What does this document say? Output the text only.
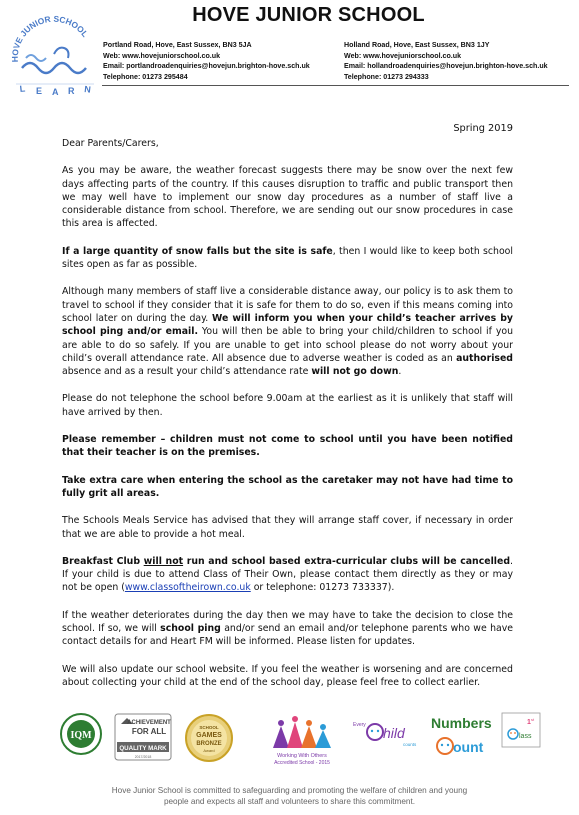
HOVE JUNIOR SCHOOL
L E A R N
HOVE JUNIOR SCHOOL
Portland Road, Hove, East Sussex, BN3 5JA
Web: www.hovejuniorschool.co.uk
Email: portlandroadenquiries@hovejun.brighton-hove.sch.uk
Telephone: 01273 295484
Holland Road, Hove, East Sussex, BN3 1JY
Web: www.hovejuniorschool.co.uk
Email: hollandroadenquiries@hovejun.brighton-hove.sch.uk
Telephone: 01273 294333
Spring 2019

Dear Parents/Carers,

As you may be aware, the weather forecast suggests there may be snow over the next few days affecting parts of the country. If this causes disruption to traffic and public transport then we may well have to implement our snow day procedures as a number of staff live a considerable distance from school. Therefore, we are sending out our snow procedures in case this area is affected.

If a large quantity of snow falls but the site is safe, then I would like to keep both school sites open as far as possible.

Although many members of staff live a considerable distance away, our policy is to ask them to travel to school if they consider that it is safe for them to do so, even if this means coming into school later on during the day. We will inform you when your child’s teacher arrives by school ping and/or email. You will then be able to bring your child/children to school if you are able to do so safely. If you are unable to get into school please do not worry about your child’s overall attendance rate. All absence due to adverse weather is coded as an authorised absence and as a result your child’s attendance rate will not go down.

Please do not telephone the school before 9.00am at the earliest as it is unlikely that staff will have arrived by then.

Please remember – children must not come to school until you have been notified that their teacher is on the premises.

Take extra care when entering the school as the caretaker may not have had time to fully grit all areas.

The Schools Meals Service has advised that they will arrange staff cover, if necessary in order that we are able to provide a hot meal.

Breakfast Club will not run and school based extra-curricular clubs will be cancelled. If your child is due to attend Class of Their Own, please contact them directly as they or may not be open (www.classoftheirown.co.uk or telephone: 01273 733337).

If the weather deteriorates during the day then we may have to take the decision to close the school. If so, we will school ping and/or send an email and/or telephone parents who we have contact details for and Heart FM will be informed. Please listen for updates.

We will also update our school website. If you feel the weather is worsening and are concerned about collecting your child at the end of the school day, please feel free to collect earlier.

IQM
ACHIEVEMENT
FOR ALL
QUALITY MARK
2017/2018
SCHOOL
GAMES
BRONZE
Award
Working With Others
Accredited School - 2015
Every hild
counts
Numbers
ount
1 st
lass
Hove Junior School is committed to safeguarding and promoting the welfare of children and young
people and expects all staff and volunteers to share this commitment.
